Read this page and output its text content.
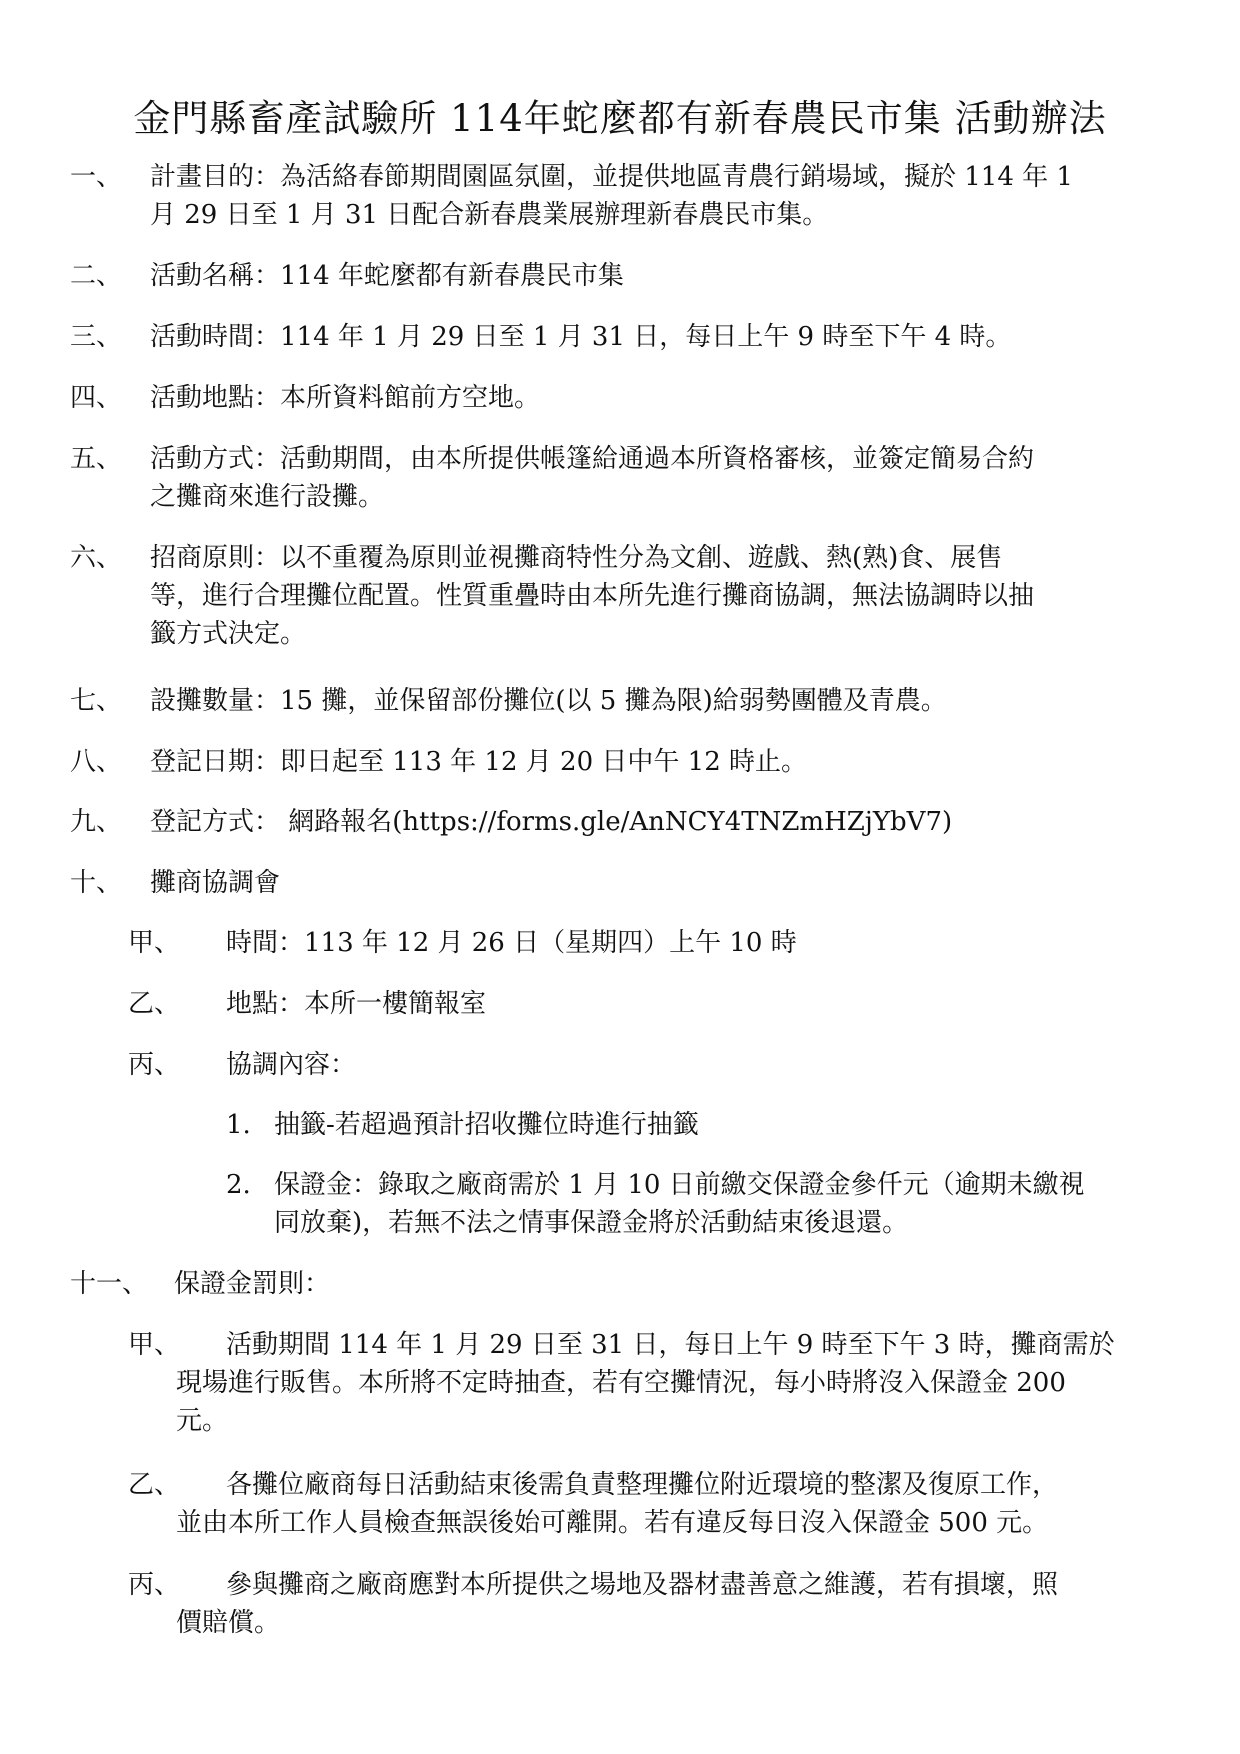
金門縣畜產試驗所 114年蛇麼都有新春農民市集 活動辦法
一、 計畫目的：為活絡春節期間園區氛圍，並提供地區青農行銷場域，擬於 114 年 1
月 29 日至 1 月 31 日配合新春農業展辦理新春農民市集。
二、 活動名稱：114 年蛇麼都有新春農民市集
三、 活動時間：114 年 1 月 29 日至 1 月 31 日，每日上午 9 時至下午 4 時。
四、 活動地點：本所資料館前方空地。
五、 活動方式：活動期間，由本所提供帳篷給通過本所資格審核，並簽定簡易合約
之攤商來進行設攤。
六、 招商原則：以不重覆為原則並視攤商特性分為文創、遊戲、熱(熟)食、展售
等，進行合理攤位配置。性質重疊時由本所先進行攤商協調，無法協調時以抽
籤方式決定。
七、 設攤數量：15 攤，並保留部份攤位(以 5 攤為限)給弱勢團體及青農。
八、 登記日期：即日起至 113 年 12 月 20 日中午 12 時止。
九、 登記方式： 網路報名(https://forms.gle/AnNCY4TNZmHZjYbV7)
十、 攤商協調會
甲、 時間：113 年 12 月 26 日（星期四）上午 10 時
乙、 地點：本所一樓簡報室
丙、 協調內容：
1. 抽籤-若超過預計招收攤位時進行抽籤
2. 保證金：錄取之廠商需於 1 月 10 日前繳交保證金參仟元（逾期未繳視
同放棄)，若無不法之情事保證金將於活動結束後退還。
十一、 保證金罰則：
甲、	活動期間 114 年 1 月 29 日至 31 日，每日上午 9 時至下午 3 時，攤商需於
現場進行販售。本所將不定時抽查，若有空攤情況，每小時將沒入保證金 200
元。
乙、	各攤位廠商每日活動結束後需負責整理攤位附近環境的整潔及復原工作，
並由本所工作人員檢查無誤後始可離開。若有違反每日沒入保證金 500 元。
丙、	參與攤商之廠商應對本所提供之場地及器材盡善意之維護，若有損壞，照
價賠償。
